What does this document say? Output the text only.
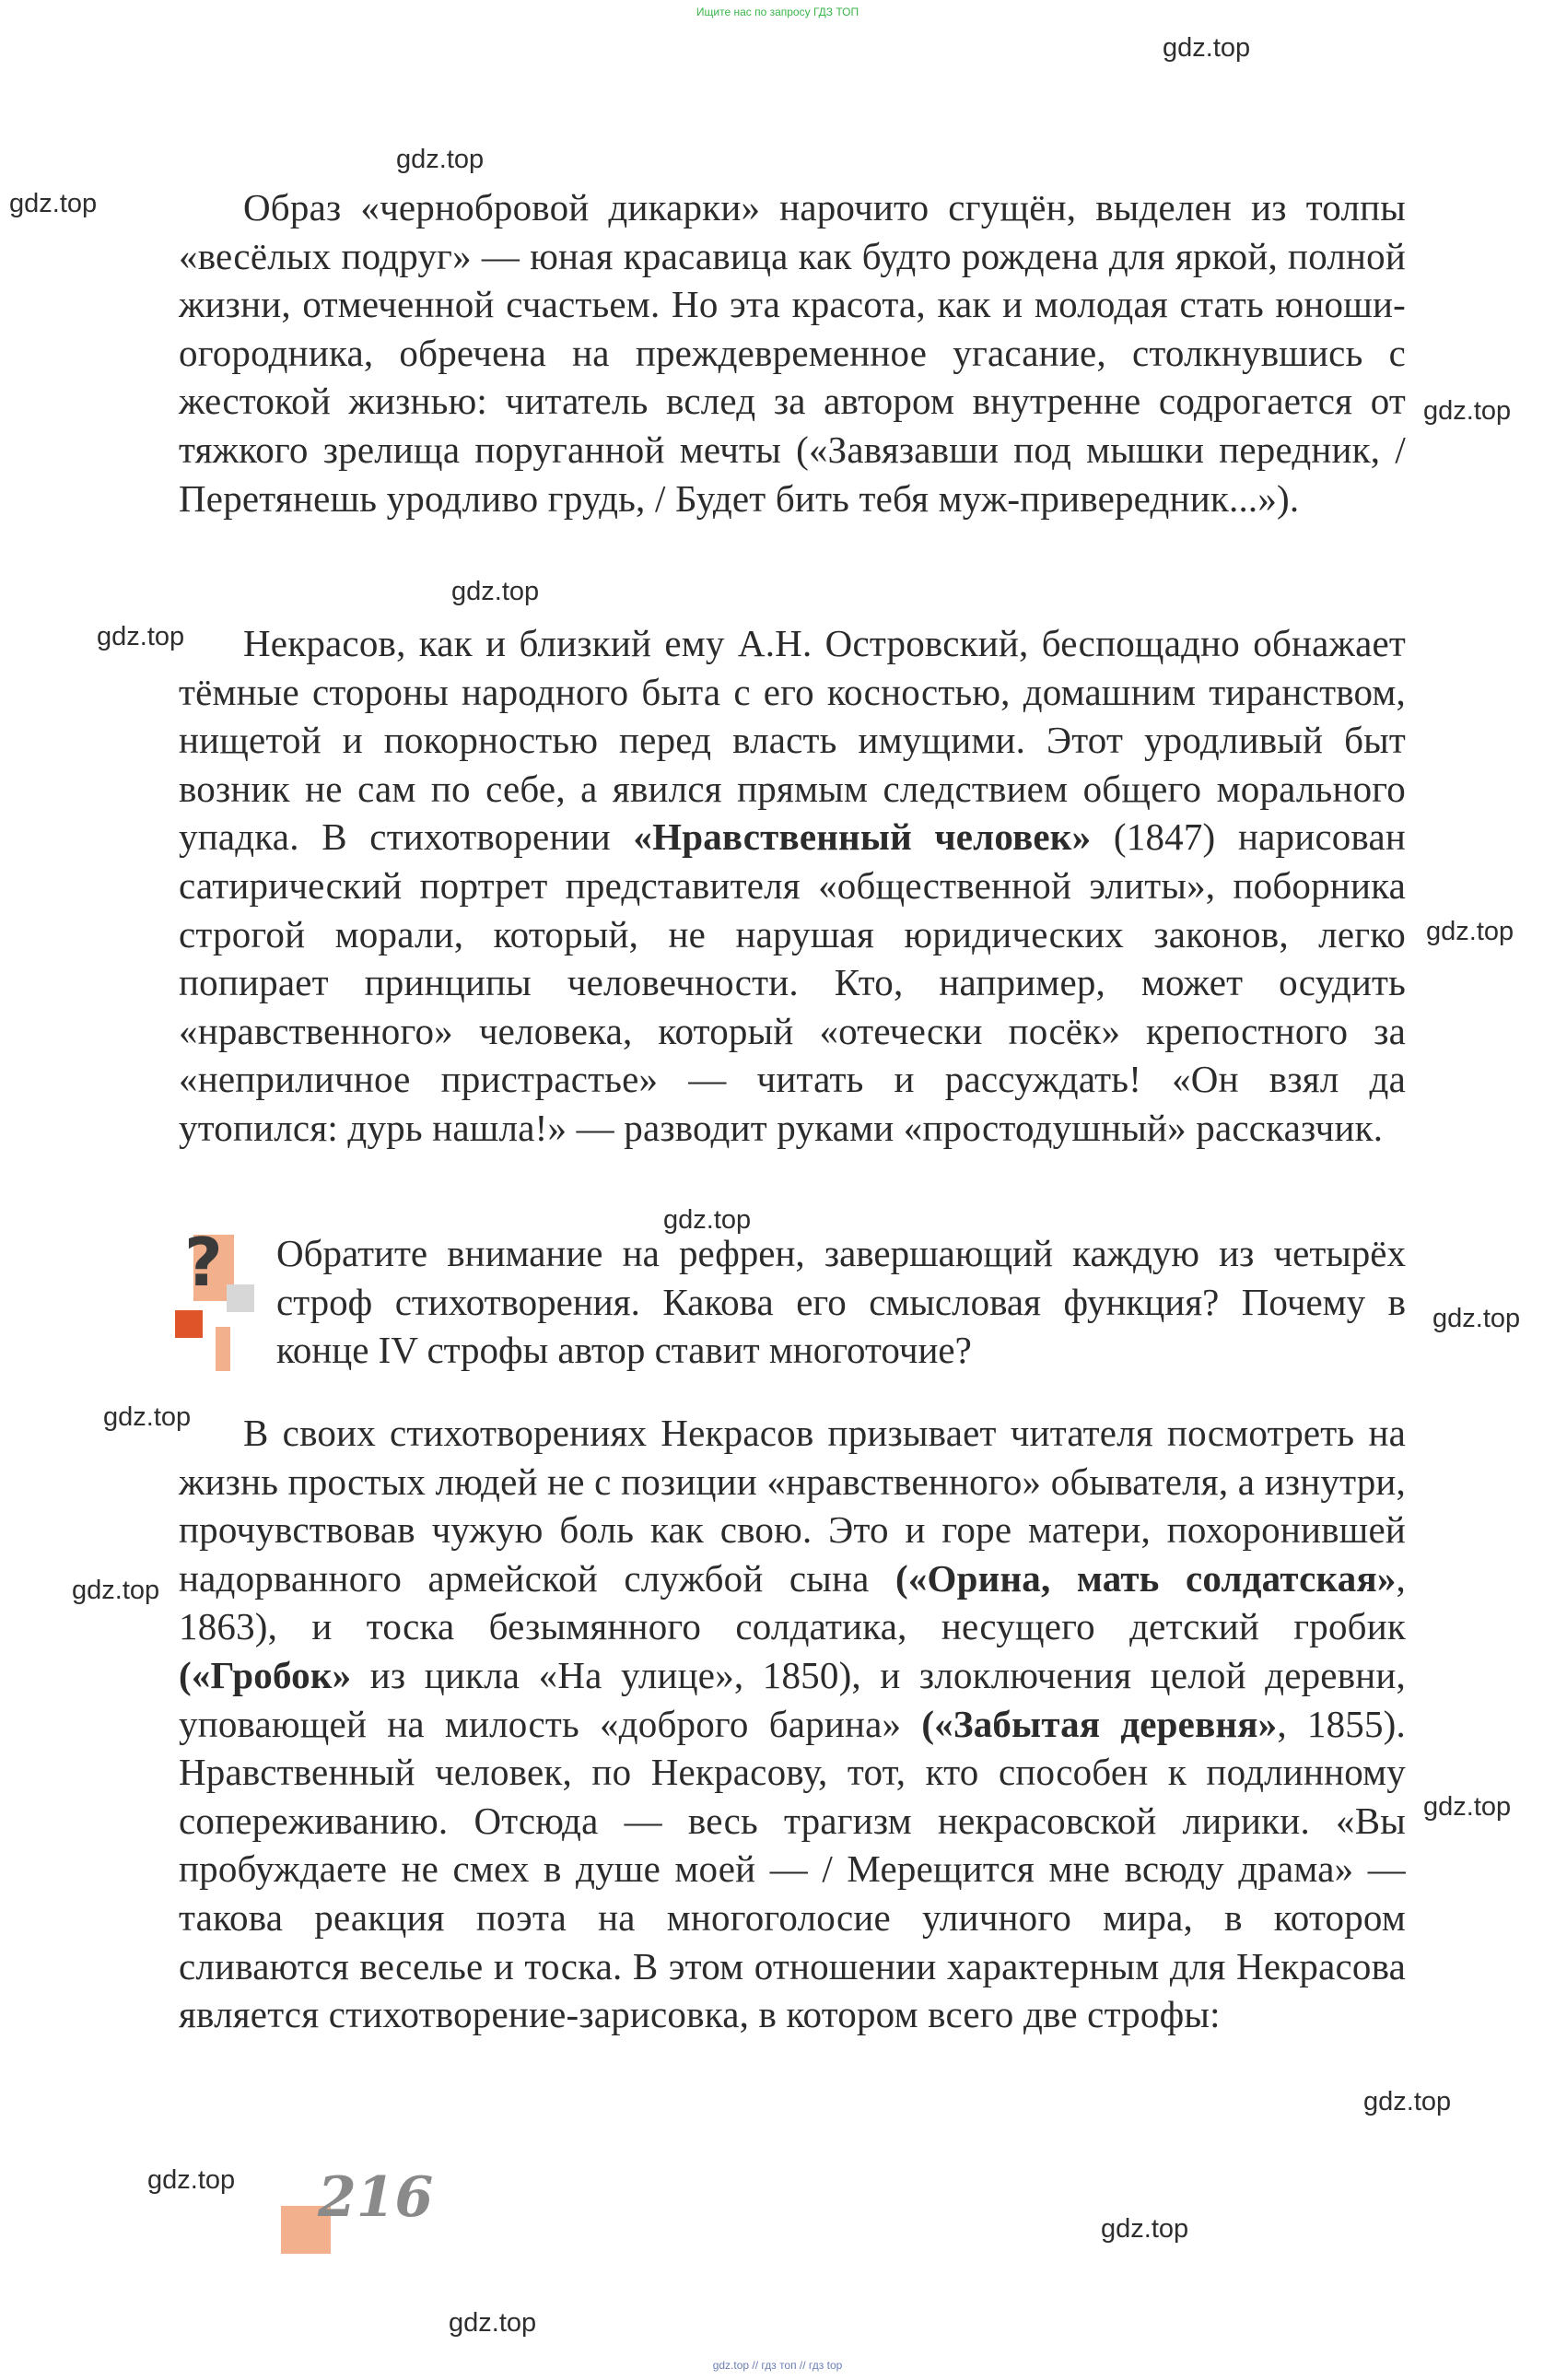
Ищите нас по запросу ГДЗ ТОП
gdz.top
gdz.top
gdz.top
gdz.top
gdz.top
gdz.top
gdz.top
gdz.top
gdz.top
gdz.top
gdz.top
gdz.top
gdz.top
gdz.top
gdz.top
gdz.top

Образ «чернобровой дикарки» нарочито сгущён, выделен из толпы «весёлых подруг» — юная красавица как будто рождена для яркой, полной жизни, отмеченной счастьем. Но эта красота, как и молодая стать юноши-огородника, обречена на преждевременное угасание, столкнувшись с жестокой жизнью: читатель вслед за автором внутренне содрогается от тяжкого зрелища поруганной мечты («Завязавши под мышки передник, / Перетянешь уродливо грудь, / Будет бить тебя муж-привередник...»).

Некрасов, как и близкий ему А.Н. Островский, беспощадно обнажает тёмные стороны народного быта с его косностью, домашним тиранством, нищетой и покорностью перед власть имущими. Этот уродливый быт возник не сам по себе, а явился прямым следствием общего морального упадка. В стихотворении «Нравственный человек» (1847) нарисован сатирический портрет представителя «общественной элиты», поборника строгой морали, который, не нарушая юридических законов, легко попирает принципы человечности. Кто, например, может осудить «нравственного» человека, который «отечески посёк» крепостного за «неприличное пристрастье» — читать и рассуждать! «Он взял да утопился: дурь нашла!» — разводит руками «простодушный» рассказчик.

? Обратите внимание на рефрен, завершающий каждую из четырёх строф стихотворения. Какова его смысловая функция? Почему в конце IV строфы автор ставит многоточие?

В своих стихотворениях Некрасов призывает читателя посмотреть на жизнь простых людей не с позиции «нравственного» обывателя, а изнутри, прочувствовав чужую боль как свою. Это и горе матери, похоронившей надорванного армейской службой сына («Орина, мать солдатская», 1863), и тоска безымянного солдатика, несущего детский гробик («Гробок» из цикла «На улице», 1850), и злоключения целой деревни, уповающей на милость «доброго барина» («Забытая деревня», 1855). Нравственный человек, по Некрасову, тот, кто способен к подлинному сопереживанию. Отсюда — весь трагизм некрасовской лирики. «Вы пробуждаете не смех в душе моей — / Мерещится мне всюду драма» — такова реакция поэта на многоголосие уличного мира, в котором сливаются веселье и тоска. В этом отношении характерным для Некрасова является стихотворение-зарисовка, в котором всего две строфы:

216
gdz.top // гдз топ // гдз top
